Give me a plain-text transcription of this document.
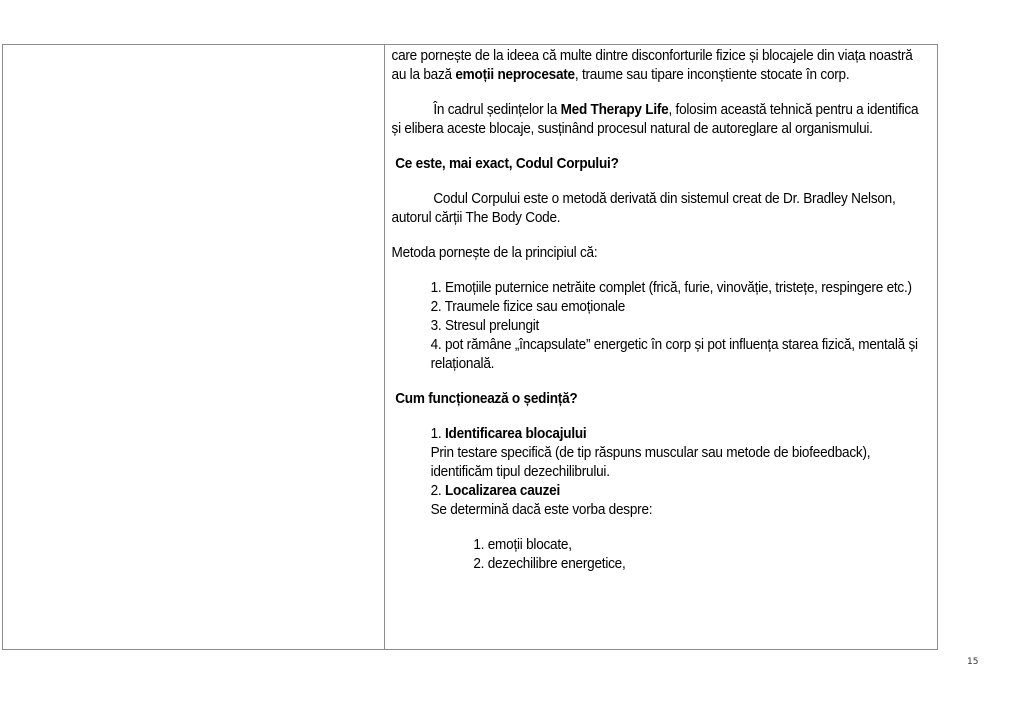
care pornește de la ideea că multe dintre disconforturile fizice și blocajele din viața noastră au la bază emoții neprocesate, traume sau tipare inconștiente stocate în corp.

În cadrul ședințelor la Med Therapy Life, folosim această tehnică pentru a identifica și elibera aceste blocaje, susținând procesul natural de autoreglare al organismului.

Ce este, mai exact, Codul Corpului?

Codul Corpului este o metodă derivată din sistemul creat de Dr. Bradley Nelson, autorul cărții The Body Code.

Metoda pornește de la principiul că:

1. Emoțiile puternice netrăite complet (frică, furie, vinovăție, tristețe, respingere etc.)

2. Traumele fizice sau emoționale

3. Stresul prelungit

4. pot rămâne „încapsulate” energetic în corp și pot influența starea fizică, mentală și relațională.

Cum funcționează o ședință?

1. Identificarea blocajului

Prin testare specifică (de tip răspuns muscular sau metode de biofeedback), identificăm tipul dezechilibrului.

2. Localizarea cauzei

Se determină dacă este vorba despre:

1. emoții blocate,

2. dezechilibre energetice,

15
